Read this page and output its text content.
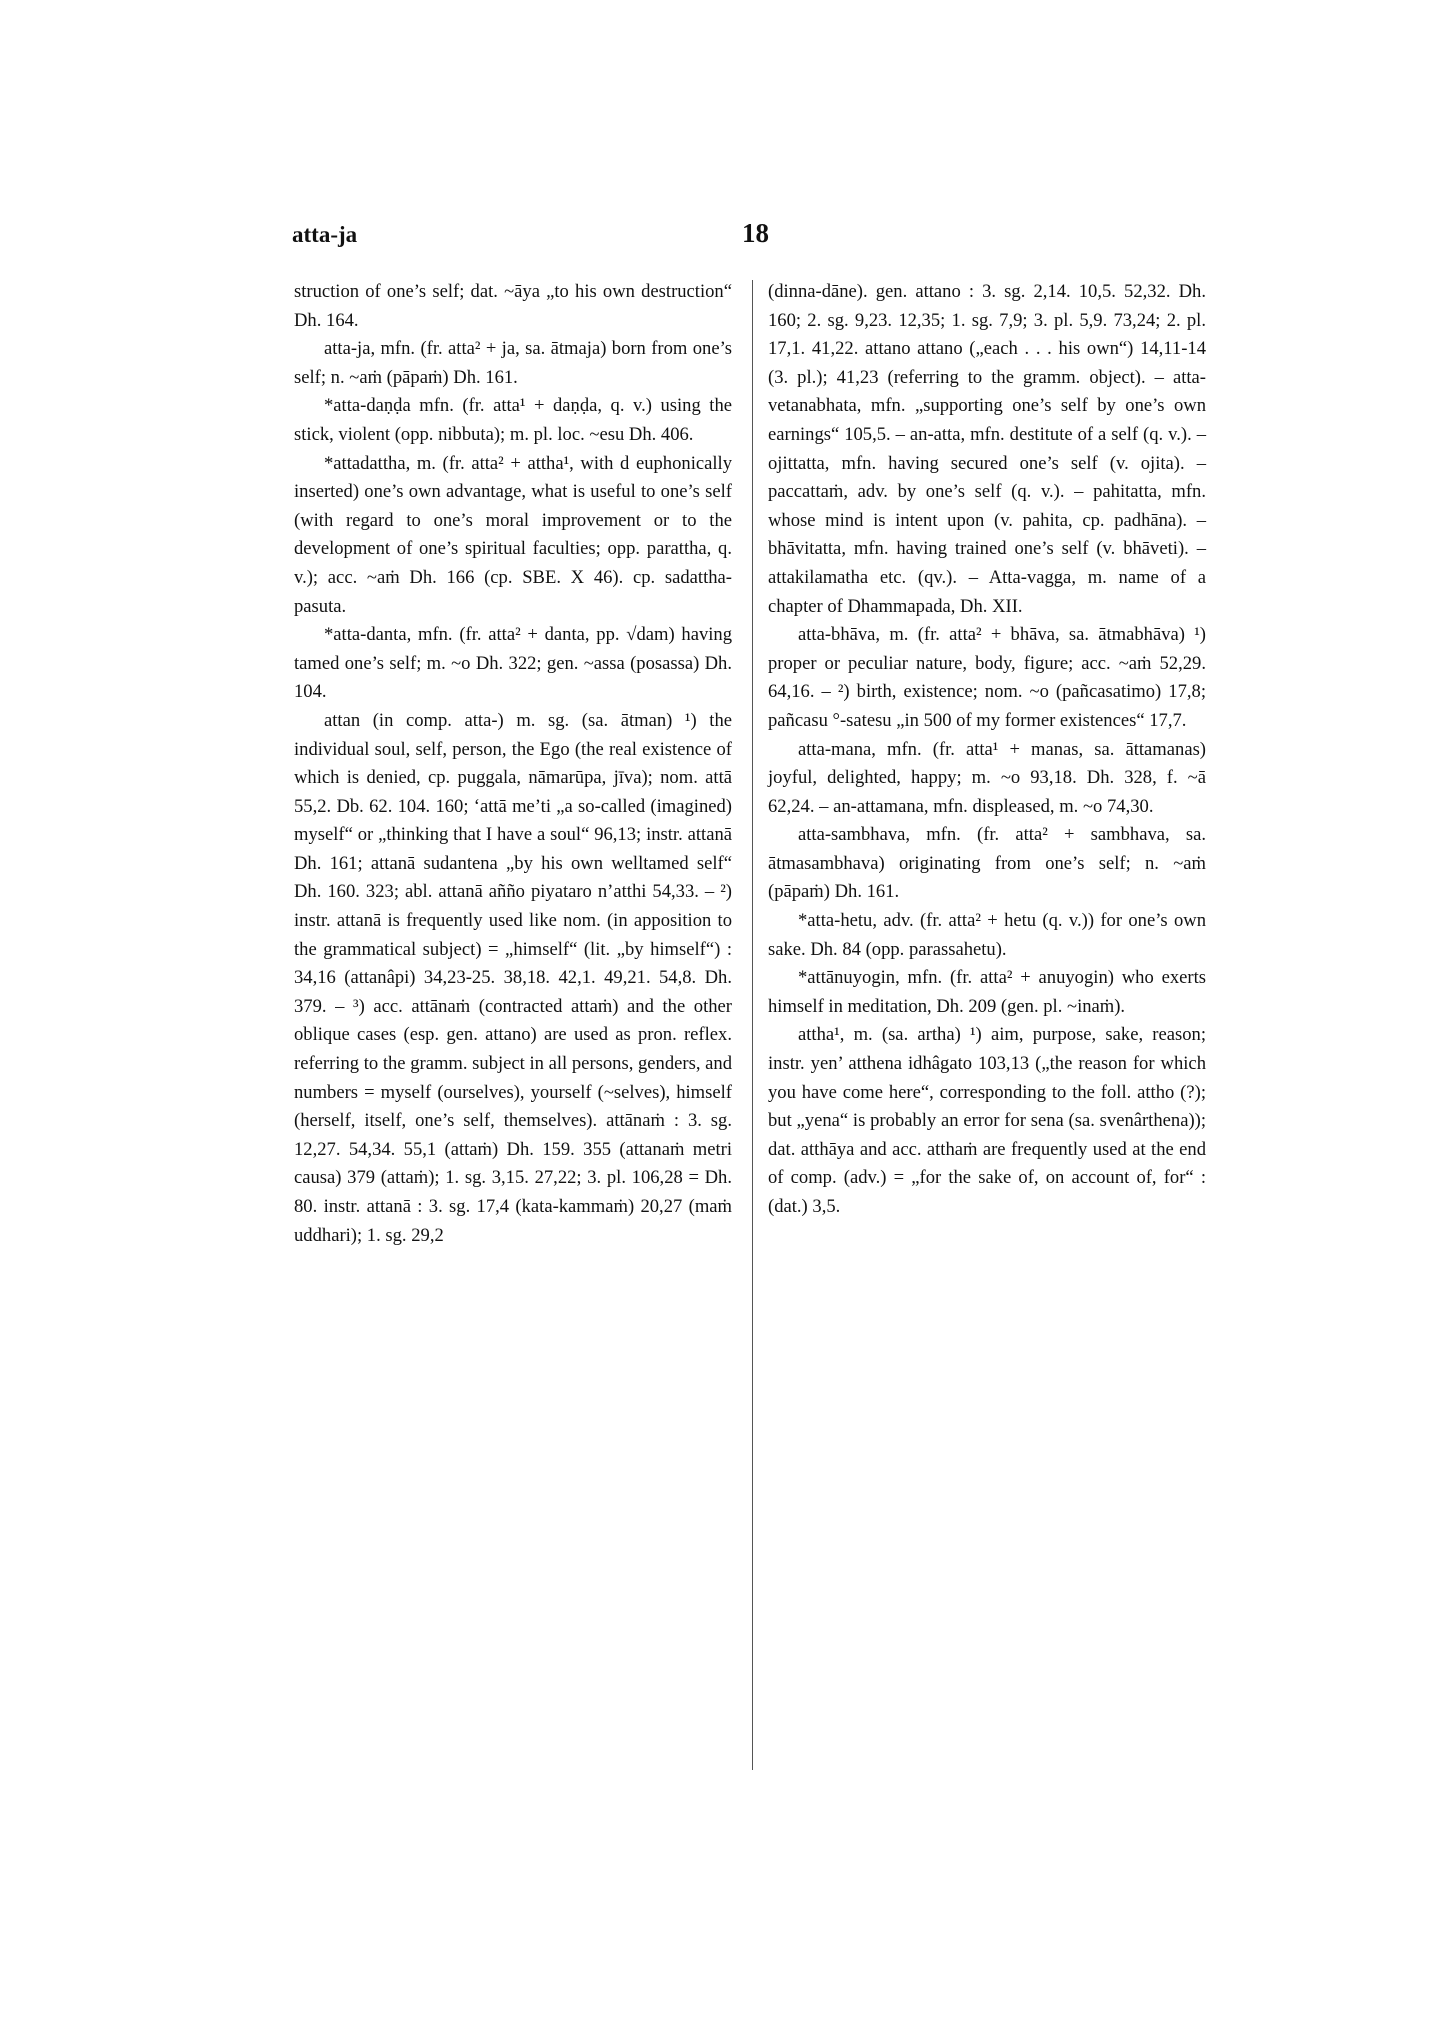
atta-ja	18

struction of one’s self; dat. ~āya „to his own destruction“ Dh. 164.

atta-ja, mfn. (fr. atta² + ja, sa. ātmaja) born from one’s self; n. ~aṁ (pāpaṁ) Dh. 161.

*atta-daṇḍa mfn. (fr. atta¹ + daṇḍa, q. v.) using the stick, violent (opp. nibbuta); m. pl. loc. ~esu Dh. 406.

*attadattha, m. (fr. atta² + attha¹, with d euphonically inserted) one’s own advantage, what is useful to one’s self (with regard to one’s moral improvement or to the development of one’s spiritual faculties; opp. parattha, q. v.); acc. ~aṁ Dh. 166 (cp. SBE. X 46). cp. sadattha-pasuta.

*atta-danta, mfn. (fr. atta² + danta, pp. √dam) having tamed one’s self; m. ~o Dh. 322; gen. ~assa (posassa) Dh. 104.

attan (in comp. atta-) m. sg. (sa. ātman) ¹) the individual soul, self, person, the Ego (the real existence of which is denied, cp. puggala, nāmarūpa, jīva); nom. attā 55,2. Db. 62. 104. 160; ‘attā me’ti „a so-called (imagined) myself“ or „thinking that I have a soul“ 96,13; instr. attanā Dh. 161; attanā sudantena „by his own welltamed self“ Dh. 160. 323; abl. attanā añño piyataro n’atthi 54,33. – ²) instr. attanā is frequently used like nom. (in apposition to the grammatical subject) = „himself“ (lit. „by himself“) : 34,16 (attanâpi) 34,23-25. 38,18. 42,1. 49,21. 54,8. Dh. 379. – ³) acc. attānaṁ (contracted attaṁ) and the other oblique cases (esp. gen. attano) are used as pron. reflex. referring to the gramm. subject in all persons, genders, and numbers = myself (ourselves), yourself (~selves), himself (herself, itself, one’s self, themselves). attānaṁ : 3. sg. 12,27. 54,34. 55,1 (attaṁ) Dh. 159. 355 (attanaṁ metri causa) 379 (attaṁ); 1. sg. 3,15. 27,22; 3. pl. 106,28 = Dh. 80. instr. attanā : 3. sg. 17,4 (kata-kammaṁ) 20,27 (maṁ uddhari); 1. sg. 29,2

(dinna-dāne). gen. attano : 3. sg. 2,14. 10,5. 52,32. Dh. 160; 2. sg. 9,23. 12,35; 1. sg. 7,9; 3. pl. 5,9. 73,24; 2. pl. 17,1. 41,22. attano attano („each . . . his own“) 14,11-14 (3. pl.); 41,23 (referring to the gramm. object). – atta-vetanabhata, mfn. „supporting one’s self by one’s own earnings“ 105,5. – an-atta, mfn. destitute of a self (q. v.). – ojittatta, mfn. having secured one’s self (v. ojita). – paccattaṁ, adv. by one’s self (q. v.). – pahitatta, mfn. whose mind is intent upon (v. pahita, cp. padhāna). – bhāvitatta, mfn. having trained one’s self (v. bhāveti). – attakilamatha etc. (qv.). – Atta-vagga, m. name of a chapter of Dhammapada, Dh. XII.

atta-bhāva, m. (fr. atta² + bhāva, sa. ātmabhāva) ¹) proper or peculiar nature, body, figure; acc. ~aṁ 52,29. 64,16. – ²) birth, existence; nom. ~o (pañcasatimo) 17,8; pañcasu °-satesu „in 500 of my former existences“ 17,7.

atta-mana, mfn. (fr. atta¹ + manas, sa. āttamanas) joyful, delighted, happy; m. ~o 93,18. Dh. 328, f. ~ā 62,24. – an-attamana, mfn. displeased, m. ~o 74,30.

atta-sambhava, mfn. (fr. atta² + sambhava, sa. ātmasambhava) originating from one’s self; n. ~aṁ (pāpaṁ) Dh. 161.

*atta-hetu, adv. (fr. atta² + hetu (q. v.)) for one’s own sake. Dh. 84 (opp. parassahetu).

*attānuyogin, mfn. (fr. atta² + anuyogin) who exerts himself in meditation, Dh. 209 (gen. pl. ~inaṁ).

attha¹, m. (sa. artha) ¹) aim, purpose, sake, reason; instr. yen’ atthena idhâgato 103,13 („the reason for which you have come here“, corresponding to the foll. attho (?); but „yena“ is probably an error for sena (sa. svenârthena)); dat. atthāya and acc. atthaṁ are frequently used at the end of comp. (adv.) = „for the sake of, on account of, for“ : (dat.) 3,5.
